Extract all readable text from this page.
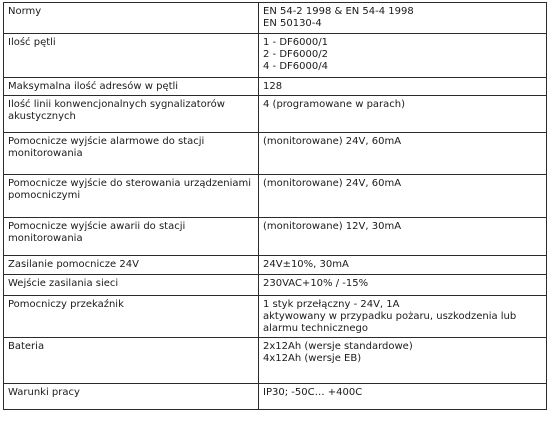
Normy	EN 54-2 1998 & EN 54-4 1998
EN 50130-4

Ilość pętli	1 - DF6000/1
2 - DF6000/2
4 - DF6000/4

Maksymalna ilość adresów w pętli	128

Ilość linii konwencjonalnych sygnalizatorów akustycznych	4 (programowane w parach)

Pomocnicze wyjście alarmowe do stacji monitorowania	(monitorowane) 24V, 60mA

Pomocnicze wyjście do sterowania urządzeniami pomocniczymi	(monitorowane) 24V, 60mA

Pomocnicze wyjście awarii do stacji monitorowania	(monitorowane) 12V, 30mA

Zasilanie pomocnicze 24V	24V±10%, 30mA

Wejście zasilania sieci	230VAC+10% / -15%

Pomocniczy przekaźnik	1 styk przełączny - 24V, 1A
aktywowany w przypadku pożaru, uszkodzenia lub
alarmu technicznego

Bateria	2x12Ah (wersje standardowe)
4x12Ah (wersje EB)

Warunki pracy	IP30; -50C… +400C
